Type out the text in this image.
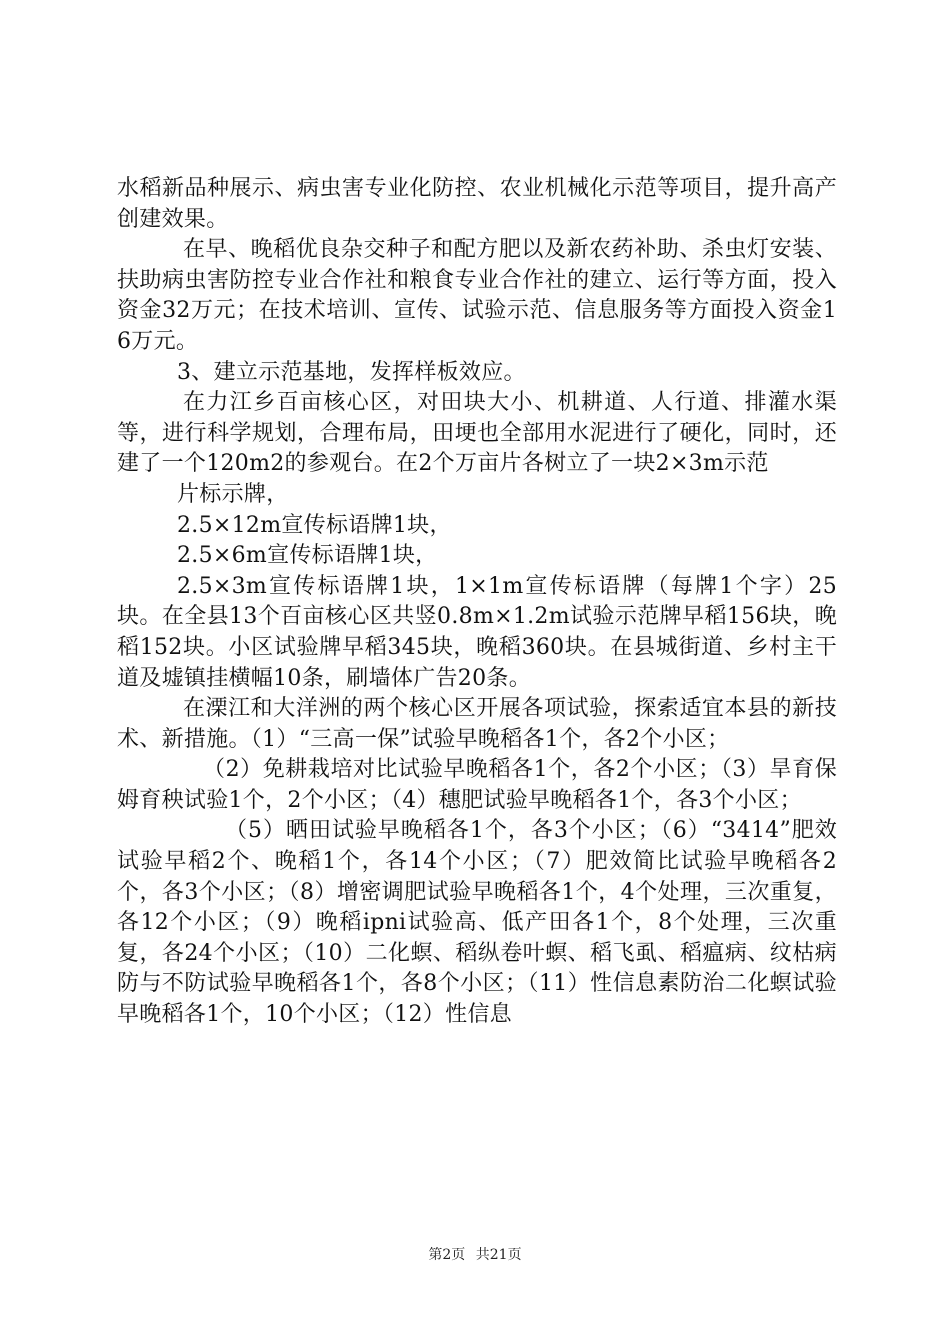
水稻新品种展示、病虫害专业化防控、农业机械化示范等项目，提升高产创建效果。

在早、晚稻优良杂交种子和配方肥以及新农药补助、杀虫灯安装、扶助病虫害防控专业合作社和粮食专业合作社的建立、运行等方面，投入资金32万元；在技术培训、宣传、试验示范、信息服务等方面投入资金16万元。

3、建立示范基地，发挥样板效应。

在力江乡百亩核心区，对田块大小、机耕道、人行道、排灌水渠等，进行科学规划，合理布局，田埂也全部用水泥进行了硬化，同时，还建了一个120m2的参观台。在2个万亩片各树立了一块2×3m示范

片标示牌，

2.5×12m宣传标语牌1块，

2.5×6m宣传标语牌1块，

2.5×3m宣传标语牌1块，1×1m宣传标语牌（每牌1个字）25块。在全县13个百亩核心区共竖0.8m×1.2m试验示范牌早稻156块，晚稻152块。小区试验牌早稻345块，晚稻360块。在县城街道、乡村主干道及墟镇挂横幅10条，刷墙体广告20条。

在溧江和大洋洲的两个核心区开展各项试验，探索适宜本县的新技术、新措施。（1）“三高一保”试验早晚稻各1个，各2个小区；

（2）免耕栽培对比试验早晚稻各1个，各2个小区；（3）旱育保姆育秧试验1个，2个小区；（4）穗肥试验早晚稻各1个，各3个小区；

（5）晒田试验早晚稻各1个，各3个小区；（6）“3414”肥效试验早稻2个、晚稻1个，各14个小区；（7）肥效简比试验早晚稻各2个，各3个小区；（8）增密调肥试验早晚稻各1个，4个处理，三次重复，各12个小区；（9）晚稻ipni试验高、低产田各1个，8个处理，三次重复，各24个小区；（10）二化螟、稻纵卷叶螟、稻飞虱、稻瘟病、纹枯病防与不防试验早晚稻各1个，各8个小区；（11）性信息素防治二化螟试验早晚稻各1个，10个小区；（12）性信息

第2页 共21页
